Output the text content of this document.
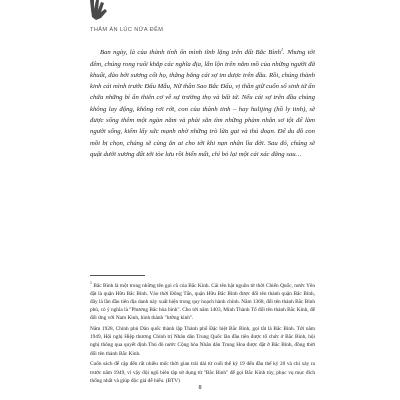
THĂM ÁN LÚC NỬA ĐÊM

Ban ngày, là của thành tính ổn mình tĩnh lặng trên đất Bắc Bình$^1$. Nhưng tới đêm, chúng rong ruổi khắp các nghĩa địa, lẫn lộn trên năm mồ của những người đã khuất, đào bới xương cốt họ, thắng băng cái sợ im dược trên đầu. Rồi, chúng thành kinh cái mình trước Đẩu Mẫu, Nữ thần Sao Bắc Đẩu, vị thần giữ cuốn sổ sinh tử ẩn chứa những bí ẩn thiên cơ về sự trường thọ và bất tử. Nếu cái sợ trên đầu chúng không lay động, không rơi rớt, con của thành tinh – hay hulijing (hồ ly tinh), sẽ được sống thêm một ngàn năm và phải săn tìm những phàm nhân sơ tột để làm người sống, kiếm lấy sức mạnh nhờ những trò lừa gạt và thủ đoạn. Để du đồ con mồi bị chọn, chúng sẽ cùng ăn ai cho tới khi nạn nhân lìa đời. Sau đó, chúng sẽ quật dưới xương đất tới tòe lưu rồi biến mất, chỉ bỏ lại một cái xác đãng sau…

$^1$ Bắc Bình là một trong những tên gọi cũ của Bắc Kinh. Cái tên hật nguồn từ thời Chiến Quốc, nước Yên đặt là quận Hữu Bắc Bình. Vào thời Đông Tấn, quận Hữu Bắc Bình được đổi tên thành quận Bắc Bình, đây là lần đầu tiên địa danh này xuất hiện trong quy hoạch hành chính. Năm 1368, đổi tên thành Bắc Bình phủ, có ý nghĩa là "Phương Bắc hòa bình". Cho tới năm 1403, Minh Thành Tổ đổi tên thành Bắc Kinh, để đối ứng với Nam Kinh, hình thành "lưỡng kinh".

Năm 1928, Chính phủ Dân quốc thành lập Thành phố Đặc biệt Bắc Bình, gọi tắt là Bắc Bình. Tới năm 1949, Hội nghị Hiệp thương Chính trị Nhân dân Trung Quốc lần đầu tiên được tổ chức ở Bắc Bình, hội nghị thông qua quyết định Thủ đô nước Cộng hòa Nhân dân Trung Hoa được đặt ở Bắc Bình, đồng thời đổi tên thành Bắc Kinh.

Cuốn sách để cập đến rất nhiều mốc thời gian trải dài từ cuối thế kỷ 19 đến đầu thế kỷ 20 và chỉ xảy ra trước năm 1949, vì vậy đội ngũ biên tập sử dụng từ "Bắc Bình" để gọi Bắc Kinh tùy, phục vụ mục đích thống nhất và giúp độc giả dễ hiểu. (BTV)

8
